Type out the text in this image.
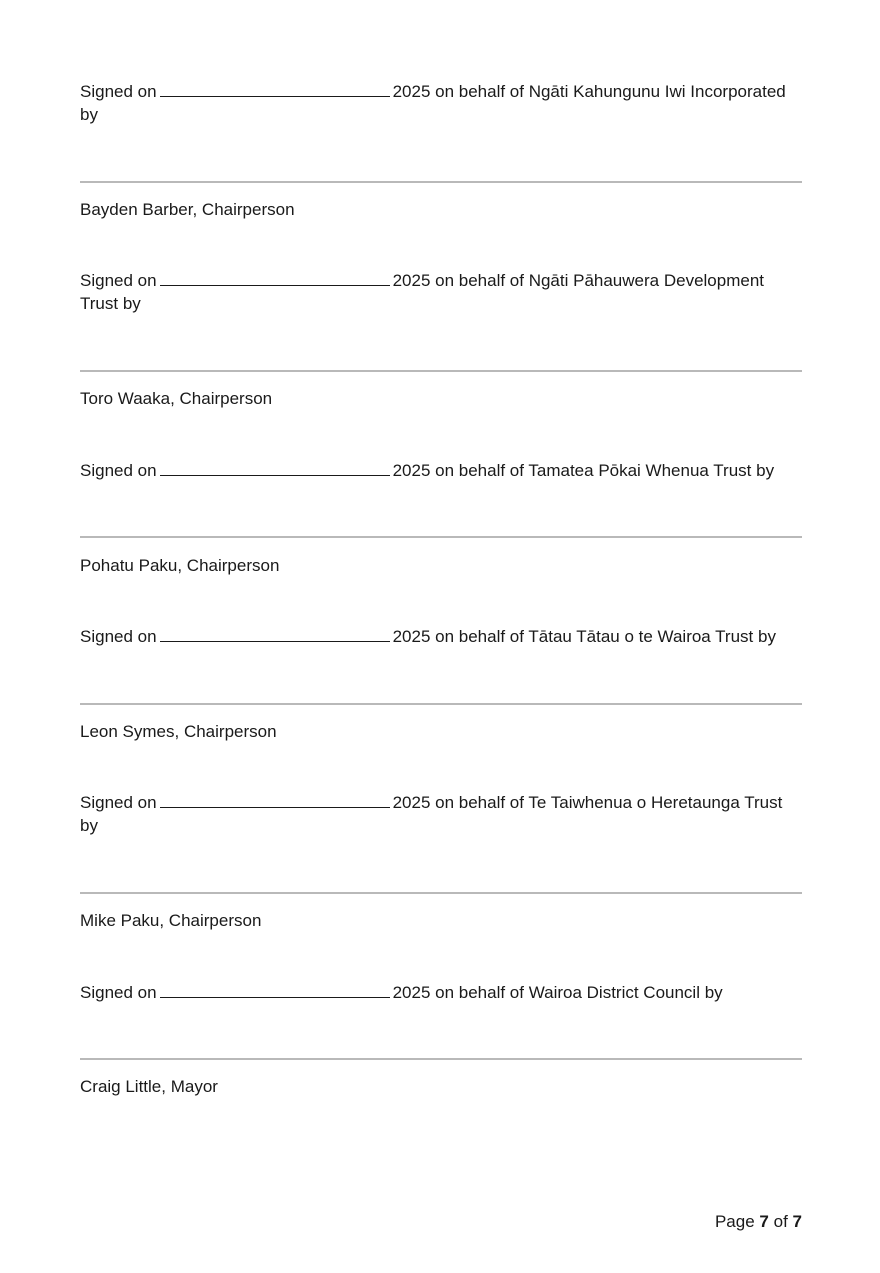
Signed on	2025 on behalf of Ngāti Kahungunu Iwi Incorporated by

Bayden Barber, Chairperson

Signed on	2025 on behalf of Ngāti Pāhauwera Development Trust by

Toro Waaka, Chairperson

Signed on	2025 on behalf of Tamatea Pōkai Whenua Trust by

Pohatu Paku, Chairperson

Signed on	2025 on behalf of Tātau Tātau o te Wairoa Trust by

Leon Symes, Chairperson

Signed on	2025 on behalf of Te Taiwhenua o Heretaunga Trust by

Mike Paku, Chairperson

Signed on	2025 on behalf of Wairoa District Council by

Craig Little, Mayor

Page 7 of 7
